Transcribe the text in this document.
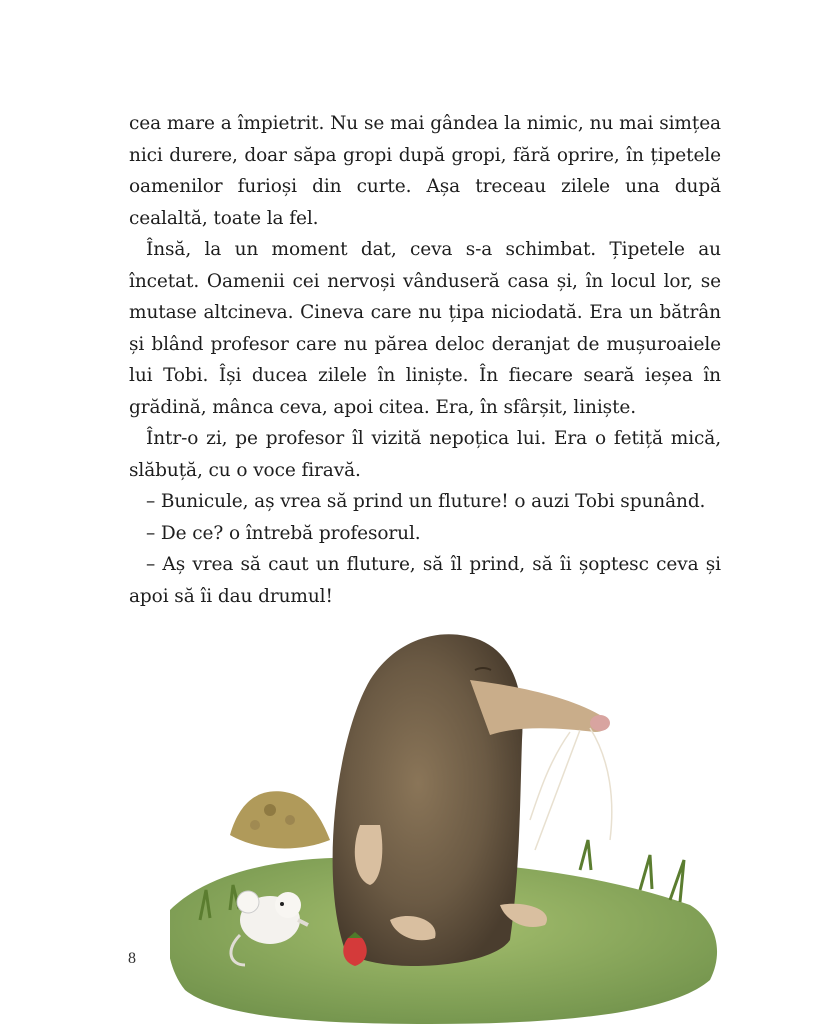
cea mare a împietrit. Nu se mai gândea la nimic, nu mai simțea nici durere, doar săpa gropi după gropi, fără oprire, în țipetele oamenilor furioși din curte. Așa treceau zilele una după cealaltă, toate la fel.

Însă, la un moment dat, ceva s-a schimbat. Țipetele au încetat. Oamenii cei nervoși vânduseră casa și, în locul lor, se mutase altcineva. Cineva care nu țipa niciodată. Era un bătrân și blând profesor care nu părea deloc deranjat de mușuroaiele lui Tobi. Își ducea zilele în liniște. În fiecare seară ieșea în grădină, mânca ceva, apoi citea. Era, în sfârșit, liniște.

Într-o zi, pe profesor îl vizită nepoțica lui. Era o fetiță mică, slăbuță, cu o voce firavă.

– Bunicule, aș vrea să prind un fluture! o auzi Tobi spunând.

– De ce? o întrebă profesorul.

– Aș vrea să caut un fluture, să îl prind, să îi șoptesc ceva și apoi să îi dau drumul!

8
